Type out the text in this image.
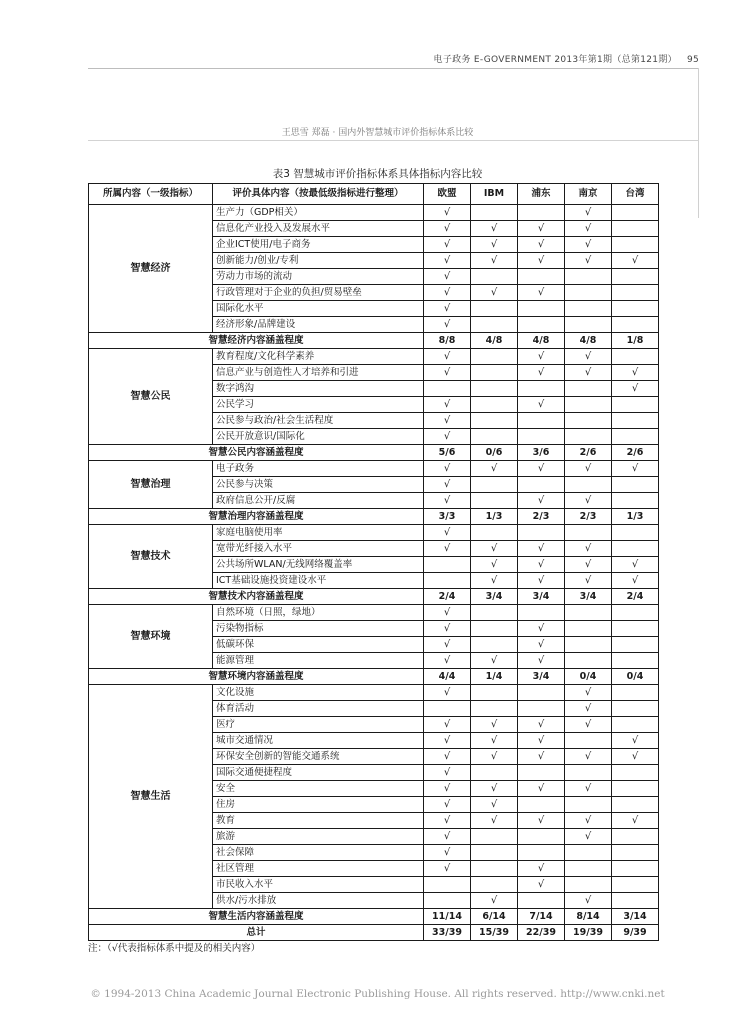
电子政务 E-GOVERNMENT 2013年第1期（总第121期） 95
王思雪 郑磊 · 国内外智慧城市评价指标体系比较
表3 智慧城市评价指标体系具体指标内容比较
所属内容（一级指标）	评价具体内容（按最低级指标进行整理）	欧盟	IBM	浦东	南京	台湾
智慧经济	生产力（GDP相关）	√			√	
	信息化产业投入及发展水平	√	√	√	√	
	企业ICT使用/电子商务	√	√	√	√	
	创新能力/创业/专利	√	√	√	√	√
	劳动力市场的流动	√				
	行政管理对于企业的负担/贸易壁垒	√	√	√		
	国际化水平	√				
	经济形象/品牌建设	√				
智慧经济内容涵盖程度		8/8	4/8	4/8	4/8	1/8
智慧公民	教育程度/文化科学素养	√		√	√	
	信息产业与创造性人才培养和引进	√		√	√	√
	数字鸿沟					√
	公民学习	√		√		
	公民参与政治/社会生活程度	√				
	公民开放意识/国际化	√				
智慧公民内容涵盖程度		5/6	0/6	3/6	2/6	2/6
智慧治理	电子政务	√	√	√	√	√
	公民参与决策	√				
	政府信息公开/反腐	√		√	√	
智慧治理内容涵盖程度		3/3	1/3	2/3	2/3	1/3
智慧技术	家庭电脑使用率	√				
	宽带光纤接入水平	√	√	√	√	
	公共场所WLAN/无线网络覆盖率		√	√	√	√
	ICT基础设施投资建设水平		√	√	√	√
智慧技术内容涵盖程度		2/4	3/4	3/4	3/4	2/4
智慧环境	自然环境（日照，绿地）	√				
	污染物指标	√		√		
	低碳环保	√		√		
	能源管理	√	√	√		
智慧环境内容涵盖程度		4/4	1/4	3/4	0/4	0/4
智慧生活	文化设施	√			√	
	体育活动				√	
	医疗	√	√	√	√	
	城市交通情况	√	√	√		√
	环保安全创新的智能交通系统	√	√	√	√	√
	国际交通便捷程度	√				
	安全	√	√	√	√	
	住房	√	√			
	教育	√	√	√	√	√
	旅游	√			√	
	社会保障	√				
	社区管理	√		√		
	市民收入水平			√		
	供水/污水排放		√		√	
智慧生活内容涵盖程度		11/14	6/14	7/14	8/14	3/14
总计		33/39	15/39	22/39	19/39	9/39
注：（√代表指标体系中提及的相关内容）
© 1994-2013 China Academic Journal Electronic Publishing House. All rights reserved. http://www.cnki.net
